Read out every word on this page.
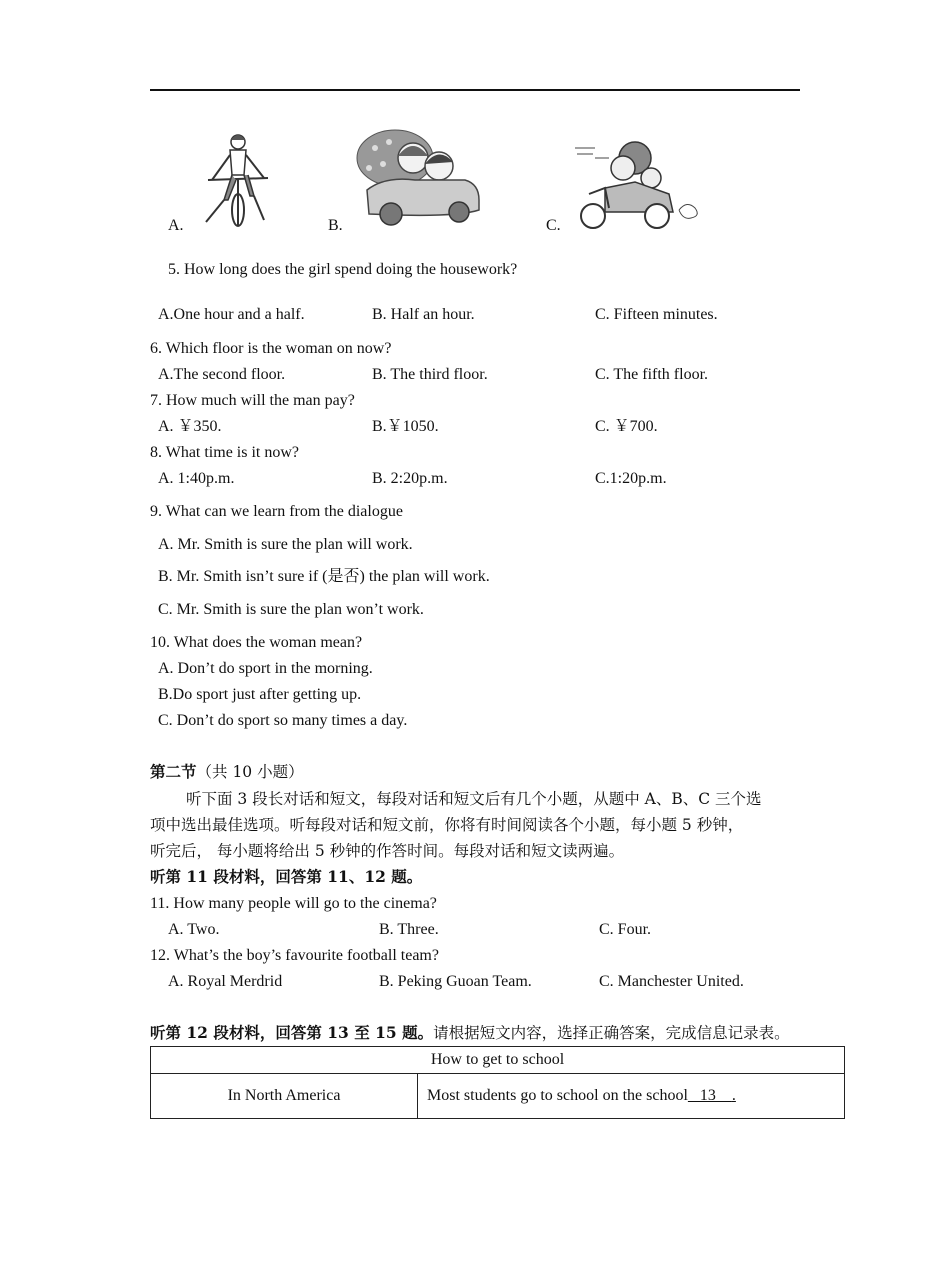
A.	B.	C.
5. How long does the girl spend doing the housework?
A.One hour and a half.	B. Half an hour.	C. Fifteen minutes.
6. Which floor is the woman on now?
A.The second floor.	B. The third floor.	C. The fifth floor.
7. How much will the man pay?
A. ￥350.	B.￥1050.	C. ￥700.
8. What time is it now?
A. 1:40p.m.	B. 2:20p.m.	C.1:20p.m.
9. What can we learn from the dialogue
A. Mr. Smith is sure the plan will work.
B. Mr. Smith isn’t sure if (是否) the plan will work.
C. Mr. Smith is sure the plan won’t work.
10. What does the woman mean?
A. Don’t do sport in the morning.
B.Do sport just after getting up.
C. Don’t do sport so many times a day.
第二节（共 10 小题）
听下面 3 段长对话和短文，每段对话和短文后有几个小题，从题中 A、B、C 三个选
项中选出最佳选项。听每段对话和短文前，你将有时间阅读各个小题，每小题 5 秒钟，
听完后， 每小题将给出 5 秒钟的作答时间。每段对话和短文读两遍。
听第 11 段材料，回答第 11、12 题。
11. How many people will go to the cinema?
A. Two.	B. Three.	C. Four.
12. What’s the boy’s favourite football team?
A. Royal Merdrid	B. Peking Guoan Team.	C. Manchester United.
听第 12 段材料，回答第 13 至 15 题。请根据短文内容，选择正确答案，完成信息记录表。
How to get to school
In North America	Most students go to school on the school   13    .
